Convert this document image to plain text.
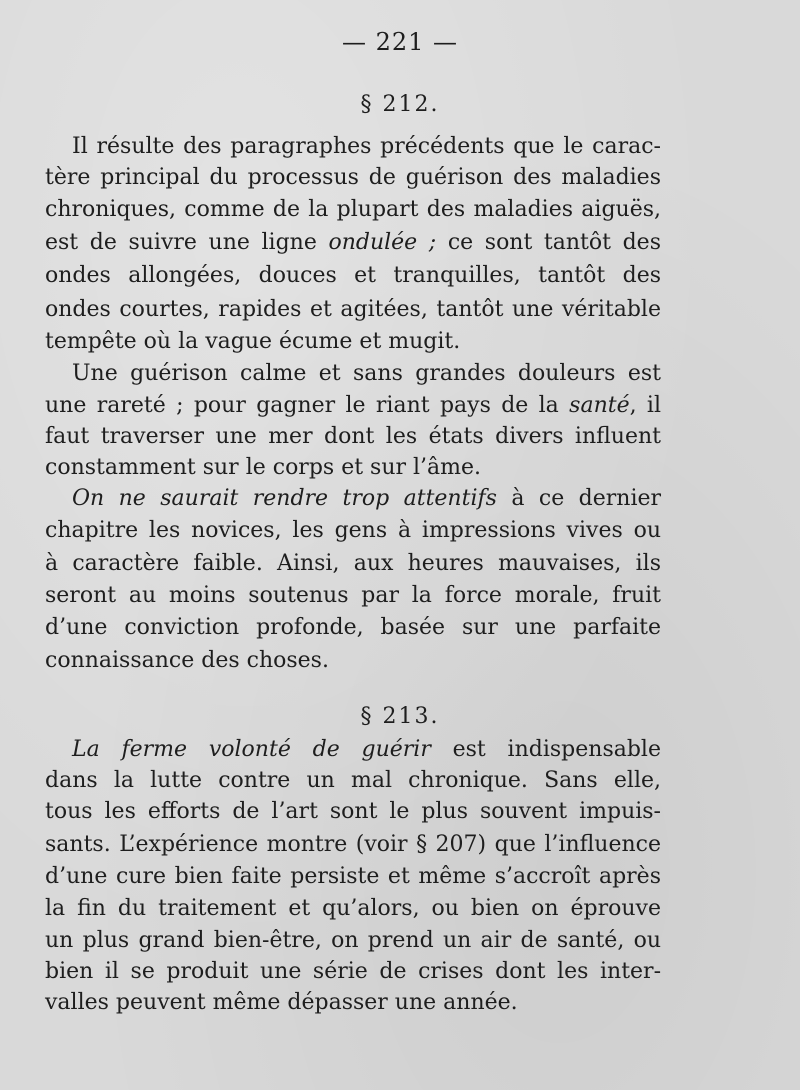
— 221 —
§ 212.
Il résulte des paragraphes précédents que le carac-
tère principal du processus de guérison des maladies
chroniques, comme de la plupart des maladies aiguës,
est de suivre une ligne ondulée ; ce sont tantôt des
ondes allongées, douces et tranquilles, tantôt des
ondes courtes, rapides et agitées, tantôt une véritable
tempête où la vague écume et mugit.
Une guérison calme et sans grandes douleurs est
une rareté ; pour gagner le riant pays de la santé, il
faut traverser une mer dont les états divers influent
constamment sur le corps et sur l’âme.
On ne saurait rendre trop attentifs à ce dernier
chapitre les novices, les gens à impressions vives ou
à caractère faible. Ainsi, aux heures mauvaises, ils
seront au moins soutenus par la force morale, fruit
d’une conviction profonde, basée sur une parfaite
connaissance des choses.
§ 213.
La ferme volonté de guérir est indispensable
dans la lutte contre un mal chronique. Sans elle,
tous les efforts de l’art sont le plus souvent impuis-
sants. L’expérience montre (voir § 207) que l’influence
d’une cure bien faite persiste et même s’accroît après
la fin du traitement et qu’alors, ou bien on éprouve
un plus grand bien-être, on prend un air de santé, ou
bien il se produit une série de crises dont les inter-
valles peuvent même dépasser une année.
